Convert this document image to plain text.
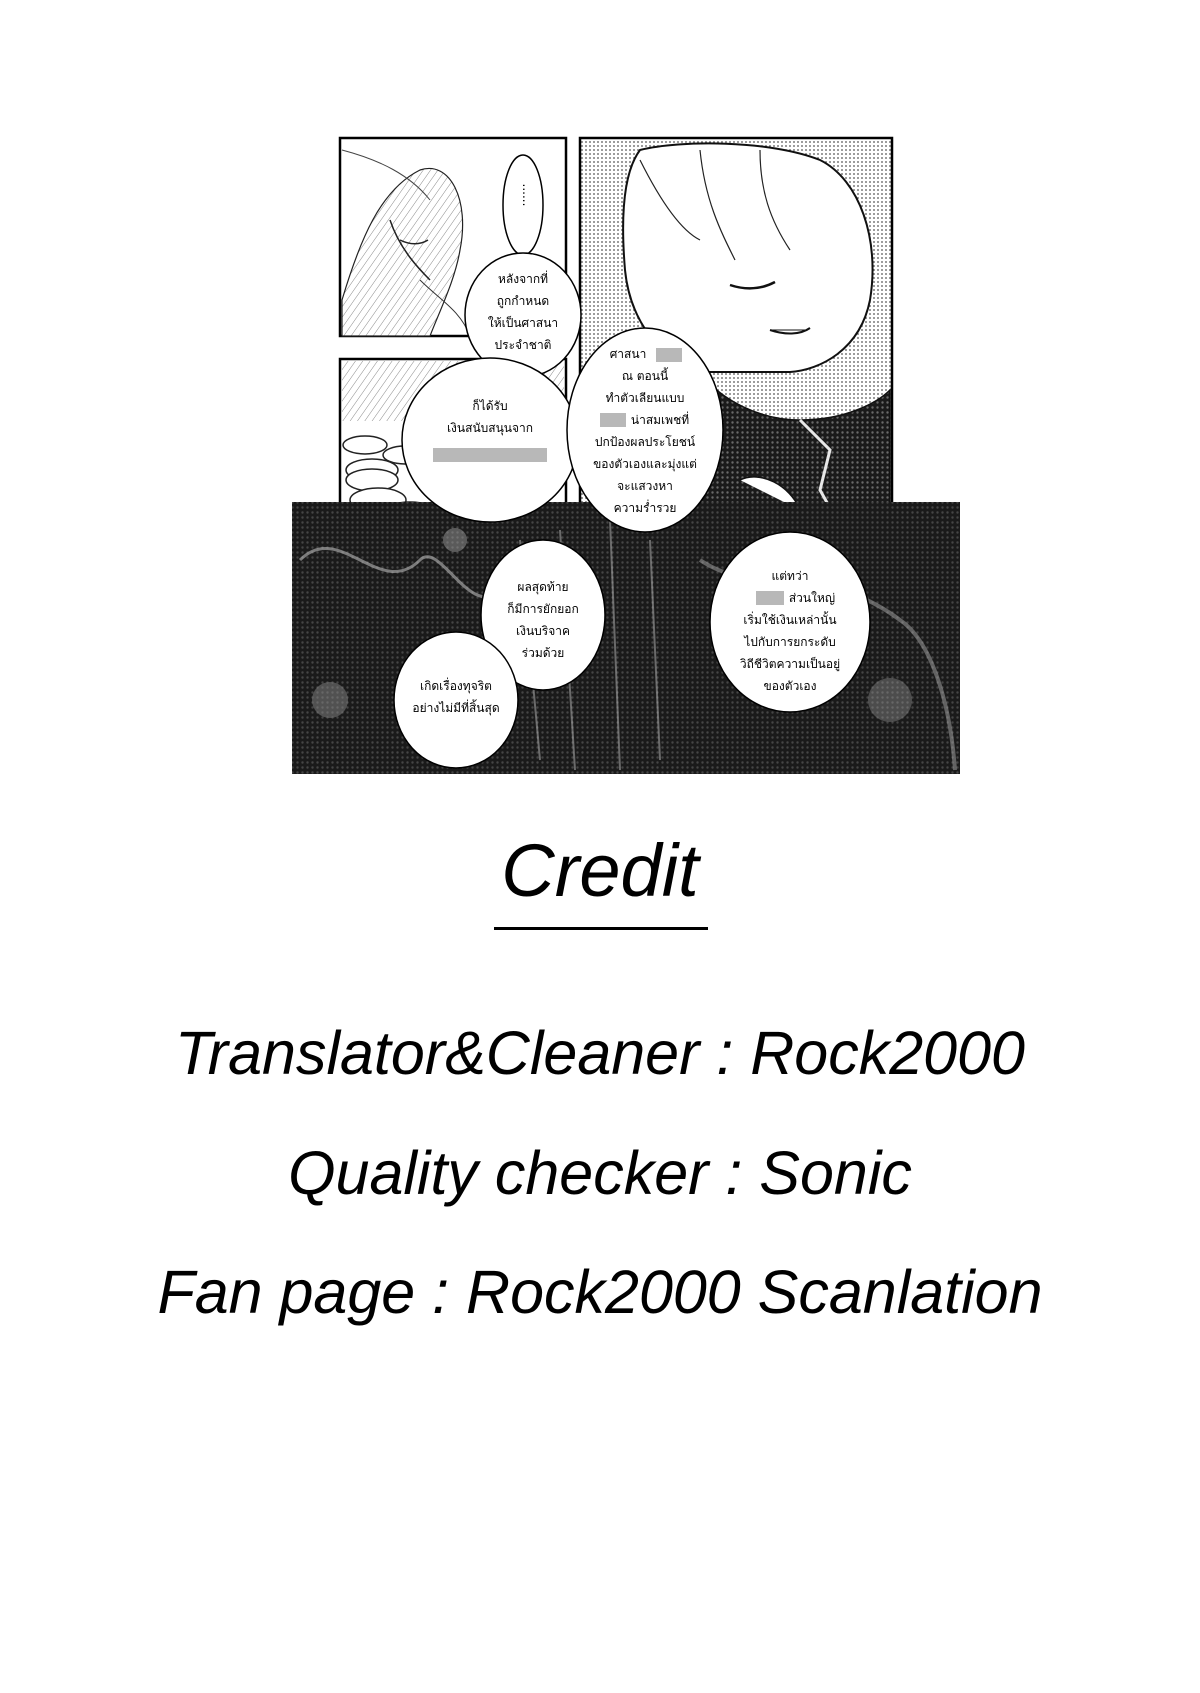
......
หลังจากที่
ถูกกำหนด
ให้เป็นศาสนา
ประจำชาติ
ก็ได้รับ
เงินสนับสนุนจาก
ศาสนา
ณ ตอนนี้
ทำตัวเลียนแบบ
น่าสมเพชที่
ปกป้องผลประโยชน์
ของตัวเองและมุ่งแต่
จะแสวงหา
ความร่ำรวย
ผลสุดท้าย
ก็มีการยักยอก
เงินบริจาค
ร่วมด้วย
เกิดเรื่องทุจริต
อย่างไม่มีที่สิ้นสุด
แต่ทว่า
ส่วนใหญ่
เริ่มใช้เงินเหล่านั้น
ไปกับการยกระดับ
วิถีชีวิตความเป็นอยู่
ของตัวเอง
Credit
Translator&Cleaner : Rock2000
Quality checker : Sonic
Fan page : Rock2000 Scanlation
